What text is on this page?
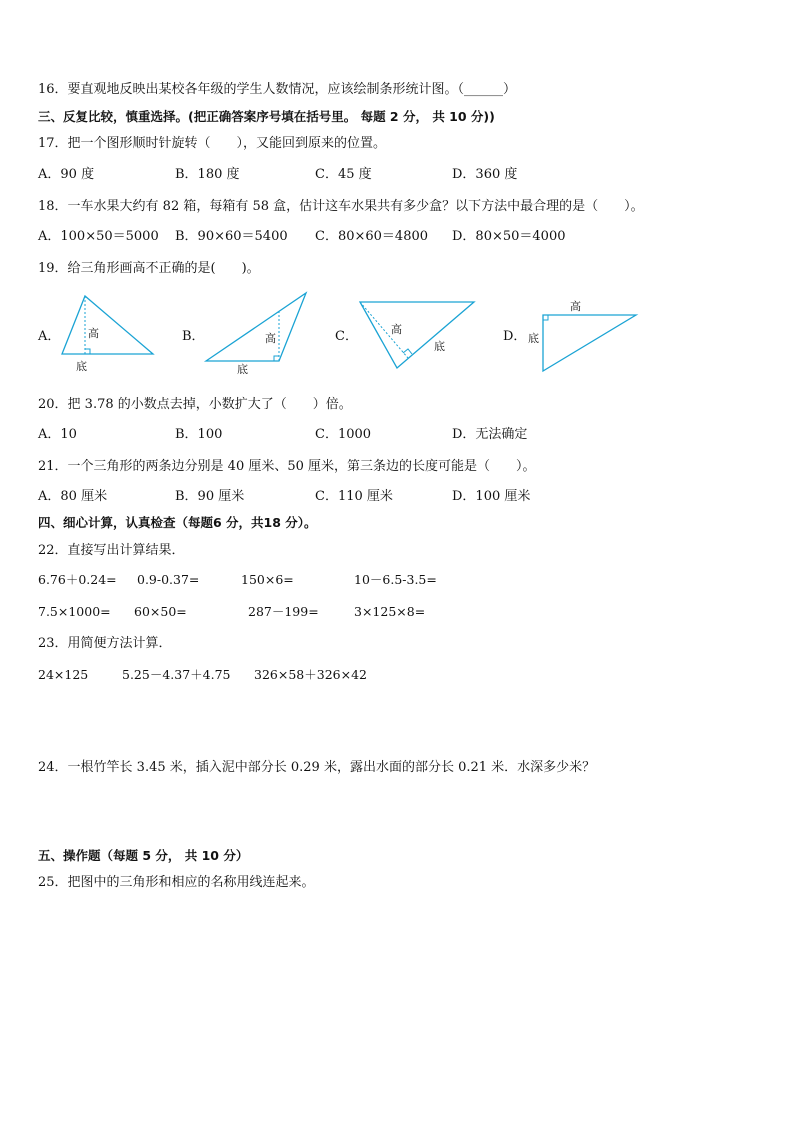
16．要直观地反映出某校各年级的学生人数情况，应该绘制条形统计图。（______）
三、反复比较，慎重选择。(把正确答案序号填在括号里。 每题 2 分， 共 10 分))
17．把一个图形顺时针旋转（　　），又能回到原来的位置。
A．90 度	B．180 度	C．45 度	D．360 度
18．一车水果大约有 82 箱，每箱有 58 盒，估计这车水果共有多少盒？以下方法中最合理的是（　　）。
A．100×50＝5000 B．90×60＝5400 C．80×60＝4800 D．80×50＝4000
19．给三角形画高不正确的是(　　)。
A．	B．	C．	D．
高
底
高
底
高
底
高
底
20．把 3.78 的小数点去掉，小数扩大了（　　）倍。
A．10	B．100	C．1000	D．无法确定
21．一个三角形的两条边分别是 40 厘米、50 厘米，第三条边的长度可能是（　　）。
A．80 厘米	B．90 厘米	C．110 厘米	D．100 厘米
四、细心计算，认真检查（每题6 分，共18 分）。
22．直接写出计算结果．
6.76＋0.24= 0.9-0.37=	150×6=	10－6.5-3.5=
7.5×1000= 60×50=	287－199=	3×125×8=
23．用简便方法计算．
24×125	5.25－4.37＋4.75 326×58＋326×42
24．一根竹竿长 3.45 米，插入泥中部分长 0.29 米，露出水面的部分长 0.21 米．水深多少米？
五、操作题（每题 5 分， 共 10 分）
25．把图中的三角形和相应的名称用线连起来。
